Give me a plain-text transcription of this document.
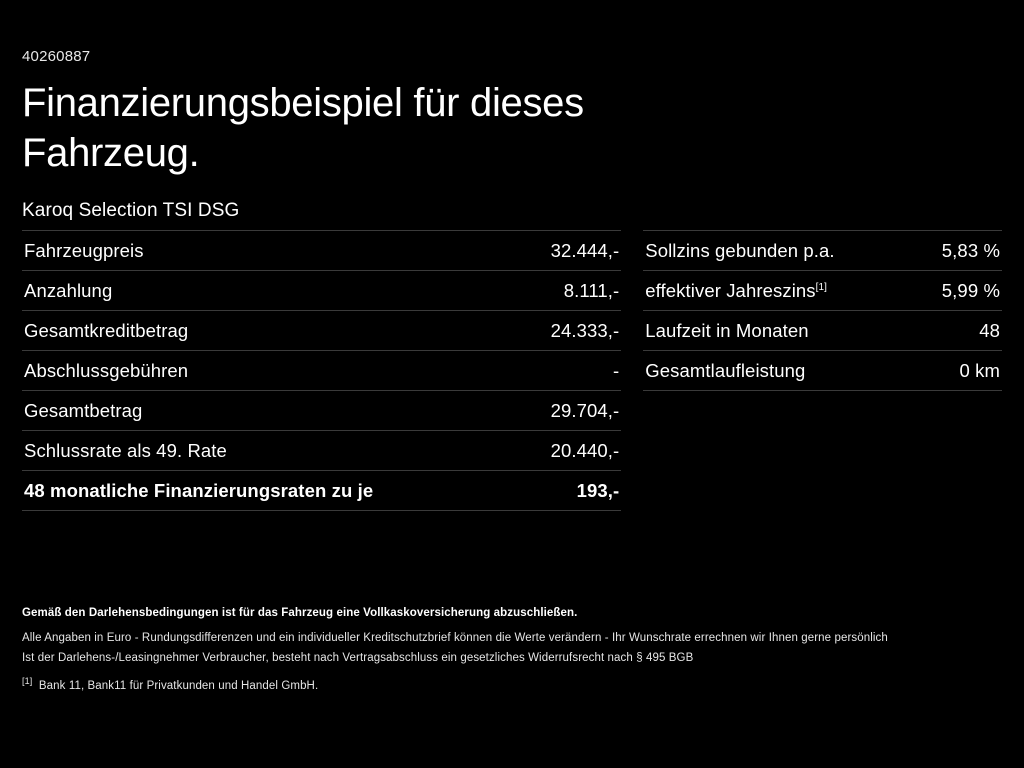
40260887
Finanzierungsbeispiel für dieses Fahrzeug.
Karoq Selection TSI DSG
Fahrzeugpreis	32.444,-
Anzahlung	8.111,-
Gesamtkreditbetrag	24.333,-
Abschlussgebühren	-
Gesamtbetrag	29.704,-
Schlussrate als 49. Rate	20.440,-
48 monatliche Finanzierungsraten zu je	193,-
Sollzins gebunden p.a.	5,83 %
effektiver Jahreszins[1]	5,99 %
Laufzeit in Monaten	48
Gesamtlaufleistung	0 km
Gemäß den Darlehensbedingungen ist für das Fahrzeug eine Vollkaskoversicherung abzuschließen.
Alle Angaben in Euro - Rundungsdifferenzen und ein individueller Kreditschutzbrief können die Werte verändern - Ihr Wunschrate errechnen wir Ihnen gerne persönlich
Ist der Darlehens-/Leasingnehmer Verbraucher, besteht nach Vertragsabschluss ein gesetzliches Widerrufsrecht nach § 495 BGB
[1] Bank 11, Bank11 für Privatkunden und Handel GmbH.
